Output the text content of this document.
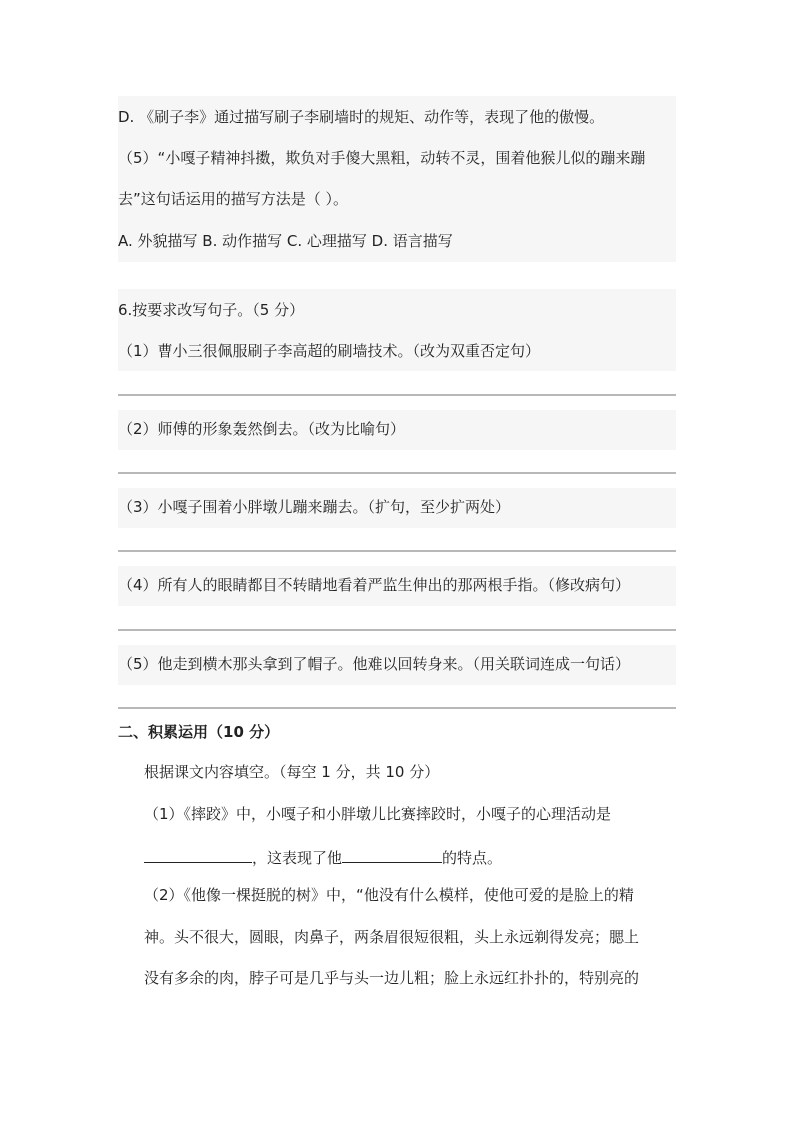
D. 《刷子李》通过描写刷子李刷墙时的规矩、动作等，表现了他的傲慢。
（5）“小嘎子精神抖擞，欺负对手傻大黑粗，动转不灵，围着他猴儿似的蹦来蹦
去”这句话运用的描写方法是（ ）。
A. 外貌描写 B. 动作描写 C. 心理描写 D. 语言描写
6.按要求改写句子。（5 分）
（1）曹小三很佩服刷子李高超的刷墙技术。（改为双重否定句）
（2）师傅的形象轰然倒去。（改为比喻句）
（3）小嘎子围着小胖墩儿蹦来蹦去。（扩句，至少扩两处）
（4）所有人的眼睛都目不转睛地看着严监生伸出的那两根手指。（修改病句）
（5）他走到横木那头拿到了帽子。他难以回转身来。（用关联词连成一句话）
二、积累运用（10 分）
根据课文内容填空。（每空 1 分，共 10 分）
（1）《摔跤》中，小嘎子和小胖墩儿比赛摔跤时，小嘎子的心理活动是
，这表现了他	的特点。
（2）《他像一棵挺脱的树》中，“他没有什么模样，使他可爱的是脸上的精
神。头不很大，圆眼，肉鼻子，两条眉很短很粗，头上永远剃得发亮；腮上
没有多余的肉，脖子可是几乎与头一边儿粗；脸上永远红扑扑的，特别亮的
